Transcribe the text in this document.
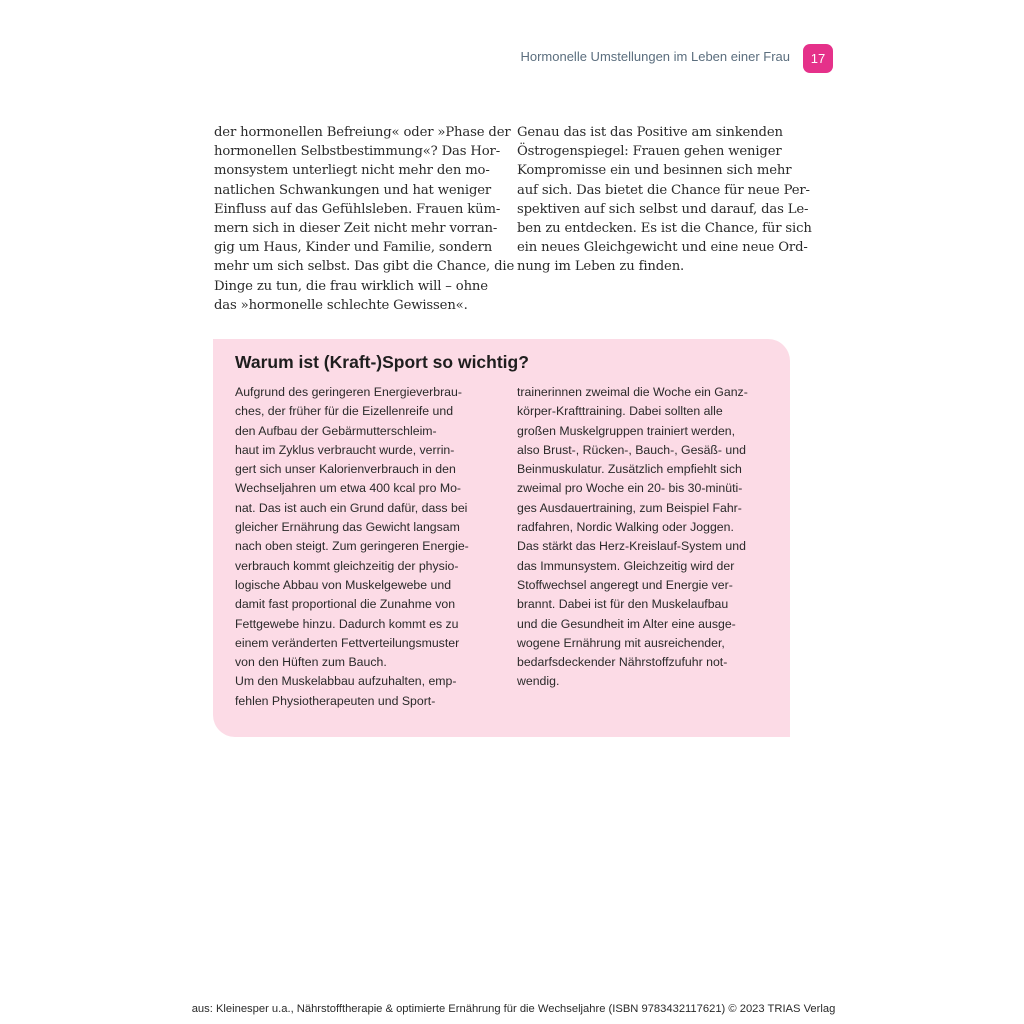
Hormonelle Umstellungen im Leben einer Frau	17
der hormonellen Befreiung« oder »Phase der
hormonellen Selbstbestimmung«? Das Hor-
monsystem unterliegt nicht mehr den mo-
natlichen Schwankungen und hat weniger
Einfluss auf das Gefühlsleben. Frauen küm-
mern sich in dieser Zeit nicht mehr vorran-
gig um Haus, Kinder und Familie, sondern
mehr um sich selbst. Das gibt die Chance, die
Dinge zu tun, die frau wirklich will – ohne
das »hormonelle schlechte Gewissen«.
Genau das ist das Positive am sinkenden
Östrogenspiegel: Frauen gehen weniger
Kompromisse ein und besinnen sich mehr
auf sich. Das bietet die Chance für neue Per-
spektiven auf sich selbst und darauf, das Le-
ben zu entdecken. Es ist die Chance, für sich
ein neues Gleichgewicht und eine neue Ord-
nung im Leben zu finden.
Warum ist (Kraft-)Sport so wichtig?
Aufgrund des geringeren Energieverbrau-
ches, der früher für die Eizellenreife und
den Aufbau der Gebärmutterschleim-
haut im Zyklus verbraucht wurde, verrin-
gert sich unser Kalorienverbrauch in den
Wechseljahren um etwa 400 kcal pro Mo-
nat. Das ist auch ein Grund dafür, dass bei
gleicher Ernährung das Gewicht langsam
nach oben steigt. Zum geringeren Energie-
verbrauch kommt gleichzeitig der physio-
logische Abbau von Muskelgewebe und
damit fast proportional die Zunahme von
Fettgewebe hinzu. Dadurch kommt es zu
einem veränderten Fettverteilungsmuster
von den Hüften zum Bauch.
Um den Muskelabbau aufzuhalten, emp-
fehlen Physiotherapeuten und Sport-
trainerinnen zweimal die Woche ein Ganz-
körper-Krafttraining. Dabei sollten alle
großen Muskelgruppen trainiert werden,
also Brust-, Rücken-, Bauch-, Gesäß- und
Beinmuskulatur. Zusätzlich empfiehlt sich
zweimal pro Woche ein 20- bis 30-minüti-
ges Ausdauertraining, zum Beispiel Fahr-
radfahren, Nordic Walking oder Joggen.
Das stärkt das Herz-Kreislauf-System und
das Immunsystem. Gleichzeitig wird der
Stoffwechsel angeregt und Energie ver-
brannt. Dabei ist für den Muskelaufbau
und die Gesundheit im Alter eine ausge-
wogene Ernährung mit ausreichender,
bedarfsdeckender Nährstoffzufuhr not-
wendig.
aus: Kleinesper u.a., Nährstofftherapie & optimierte Ernährung für die Wechseljahre (ISBN 9783432117621) © 2023 TRIAS Verlag
